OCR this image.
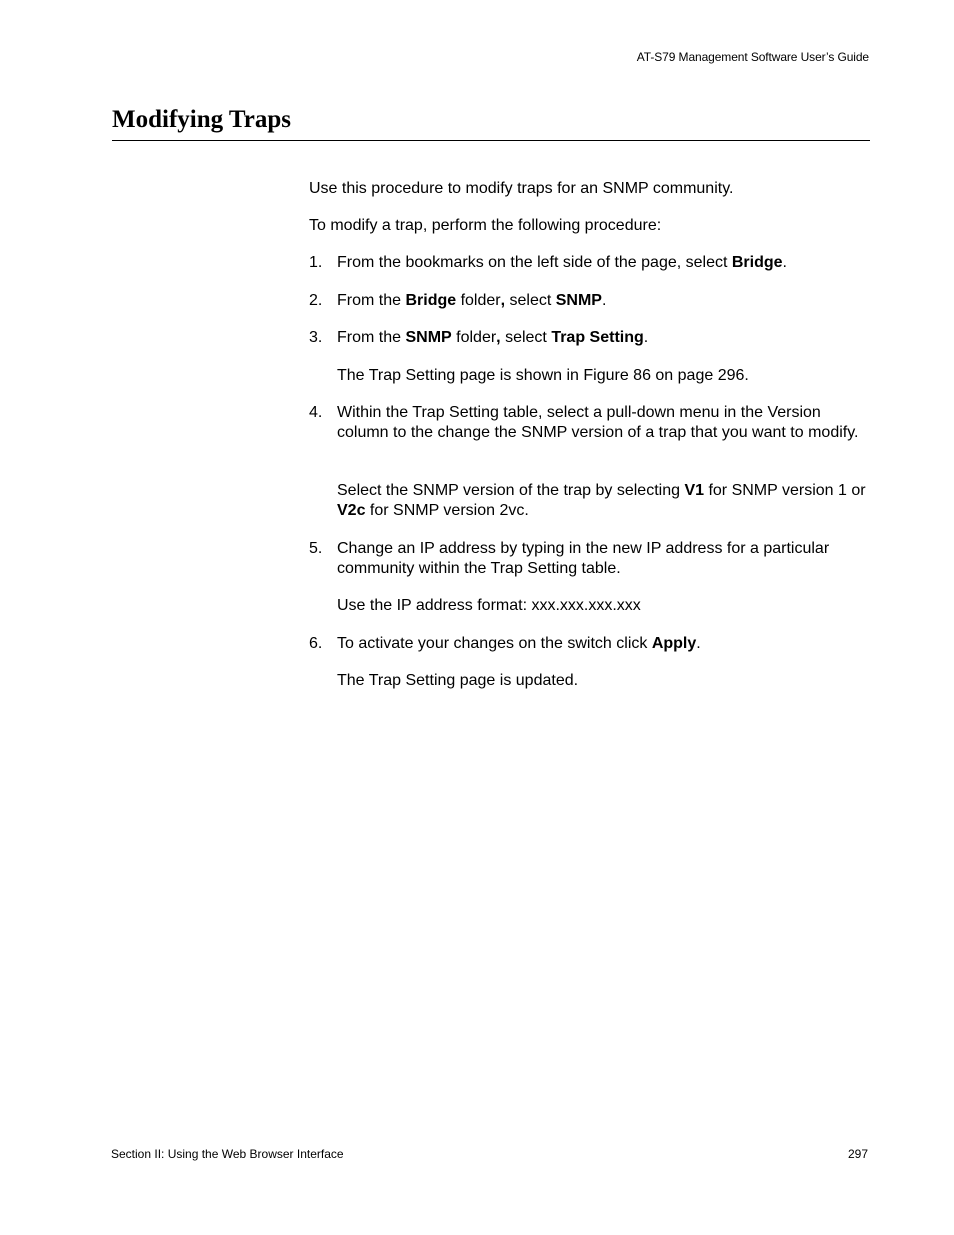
AT-S79 Management Software User’s Guide
Modifying Traps

Use this procedure to modify traps for an SNMP community.

To modify a trap, perform the following procedure:

1. From the bookmarks on the left side of the page, select Bridge.

2. From the Bridge folder, select SNMP.

3. From the SNMP folder, select Trap Setting.

The Trap Setting page is shown in Figure 86 on page 296.

4. Within the Trap Setting table, select a pull-down menu in the Version column to the change the SNMP version of a trap that you want to modify.

Select the SNMP version of the trap by selecting V1 for SNMP version 1 or V2c for SNMP version 2vc.

5. Change an IP address by typing in the new IP address for a particular community within the Trap Setting table.

Use the IP address format: xxx.xxx.xxx.xxx

6. To activate your changes on the switch click Apply.

The Trap Setting page is updated.

Section II: Using the Web Browser Interface	297
